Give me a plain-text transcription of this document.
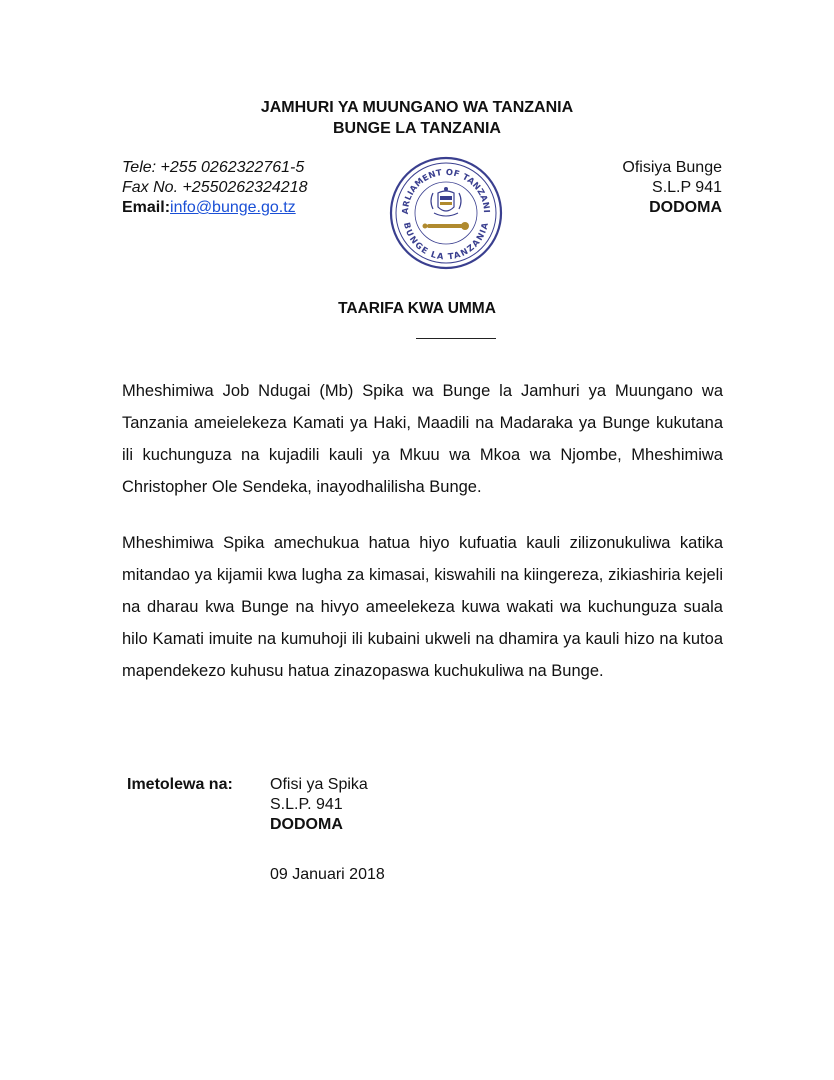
JAMHURI YA MUUNGANO WA TANZANIA
BUNGE LA TANZANIA
Tele: +255 0262322761-5
Fax No. +2550262324218
Email:info@bunge.go.tz	ARLIAMENT OF TANZANI
BUNGE LA TANZANIA
Ofisiya Bunge
S.L.P 941
DODOMA
TAARIFA KWA UMMA

Mheshimiwa Job Ndugai (Mb) Spika wa Bunge la Jamhuri ya Muungano wa Tanzania ameielekeza Kamati ya Haki, Maadili na Madaraka ya Bunge kukutana ili kuchunguza na kujadili kauli ya Mkuu wa Mkoa wa Njombe, Mheshimiwa Christopher Ole Sendeka, inayodhalilisha Bunge.

Mheshimiwa Spika amechukua hatua hiyo kufuatia kauli zilizonukuliwa katika mitandao ya kijamii kwa lugha za kimasai, kiswahili na kiingereza, zikiashiria kejeli na dharau kwa Bunge na hivyo ameelekeza kuwa wakati wa kuchunguza suala hilo Kamati imuite na kumuhoji ili kubaini ukweli na dhamira ya kauli hizo na kutoa mapendekezo kuhusu hatua zinazopaswa kuchukuliwa na Bunge.

Imetolewa na: Ofisi ya Spika
S.L.P. 941
DODOMA
09 Januari 2018
